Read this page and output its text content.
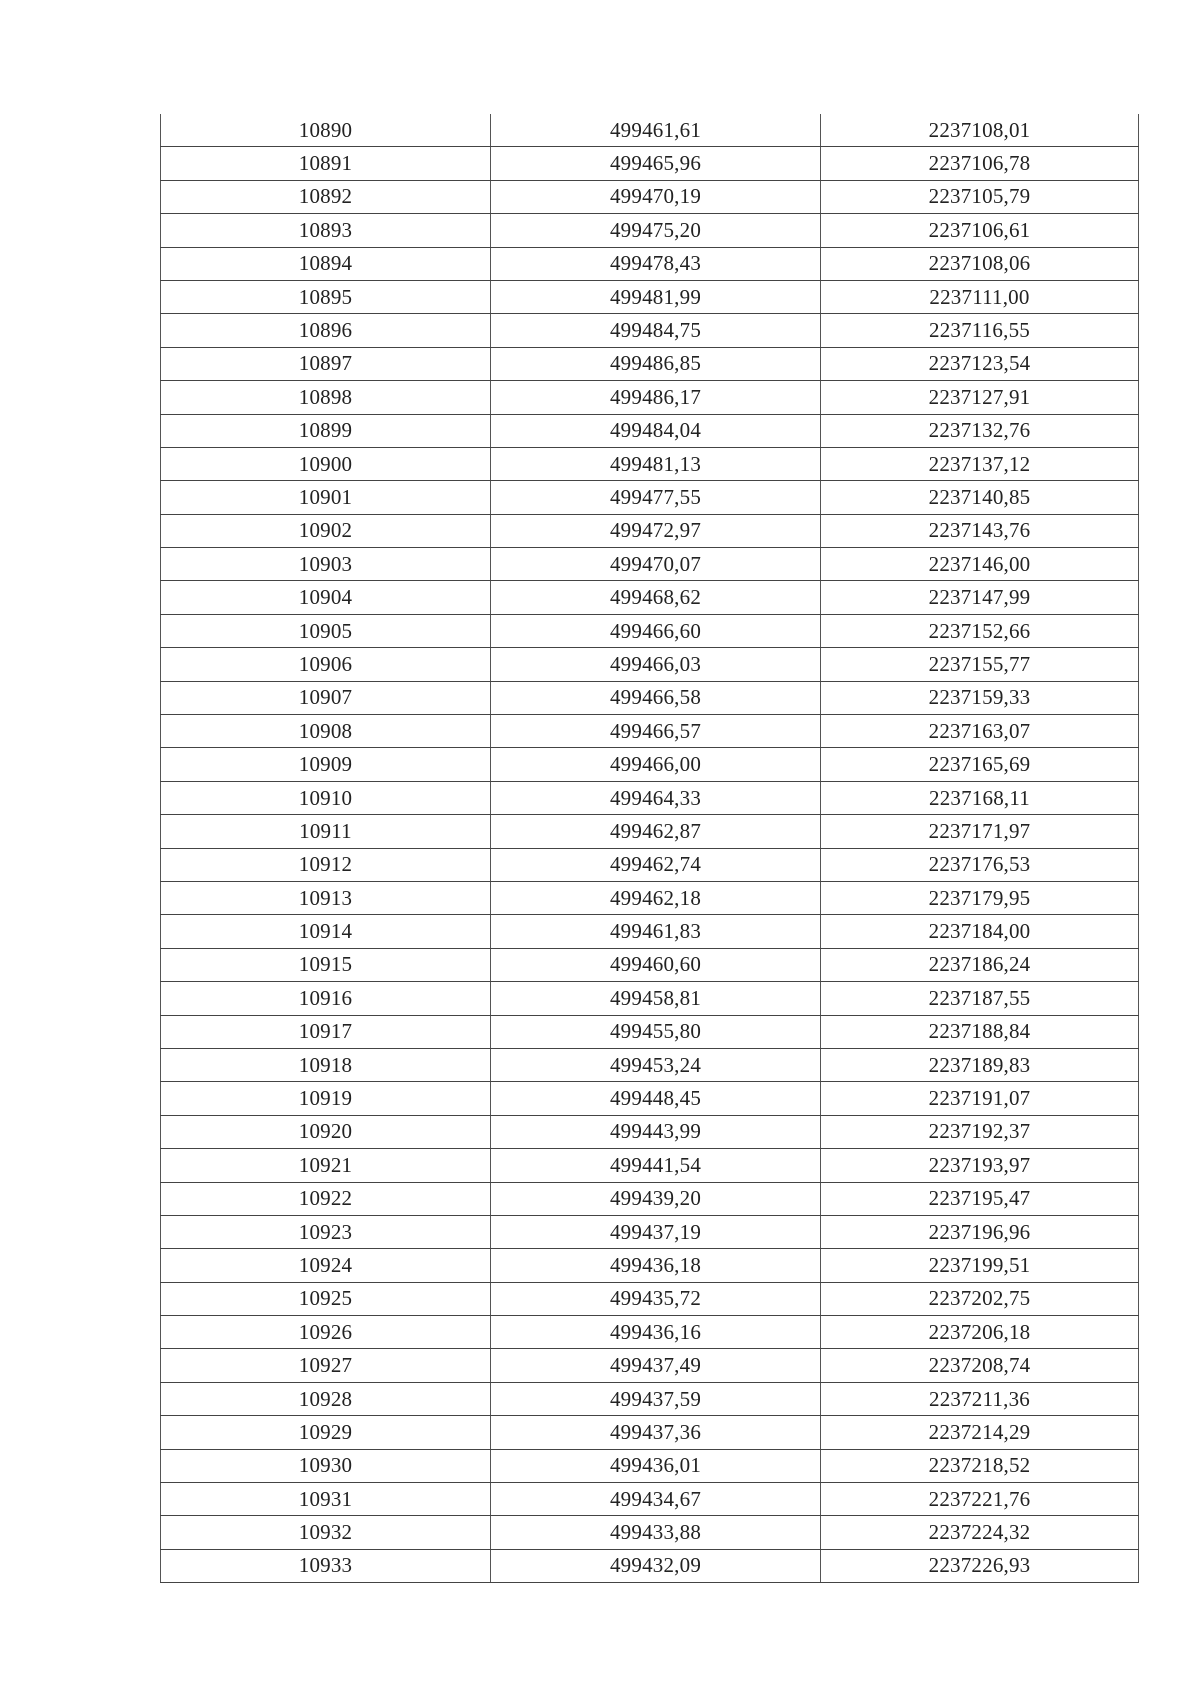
10890	499461,61	2237108,01
10891	499465,96	2237106,78
10892	499470,19	2237105,79
10893	499475,20	2237106,61
10894	499478,43	2237108,06
10895	499481,99	2237111,00
10896	499484,75	2237116,55
10897	499486,85	2237123,54
10898	499486,17	2237127,91
10899	499484,04	2237132,76
10900	499481,13	2237137,12
10901	499477,55	2237140,85
10902	499472,97	2237143,76
10903	499470,07	2237146,00
10904	499468,62	2237147,99
10905	499466,60	2237152,66
10906	499466,03	2237155,77
10907	499466,58	2237159,33
10908	499466,57	2237163,07
10909	499466,00	2237165,69
10910	499464,33	2237168,11
10911	499462,87	2237171,97
10912	499462,74	2237176,53
10913	499462,18	2237179,95
10914	499461,83	2237184,00
10915	499460,60	2237186,24
10916	499458,81	2237187,55
10917	499455,80	2237188,84
10918	499453,24	2237189,83
10919	499448,45	2237191,07
10920	499443,99	2237192,37
10921	499441,54	2237193,97
10922	499439,20	2237195,47
10923	499437,19	2237196,96
10924	499436,18	2237199,51
10925	499435,72	2237202,75
10926	499436,16	2237206,18
10927	499437,49	2237208,74
10928	499437,59	2237211,36
10929	499437,36	2237214,29
10930	499436,01	2237218,52
10931	499434,67	2237221,76
10932	499433,88	2237224,32
10933	499432,09	2237226,93
